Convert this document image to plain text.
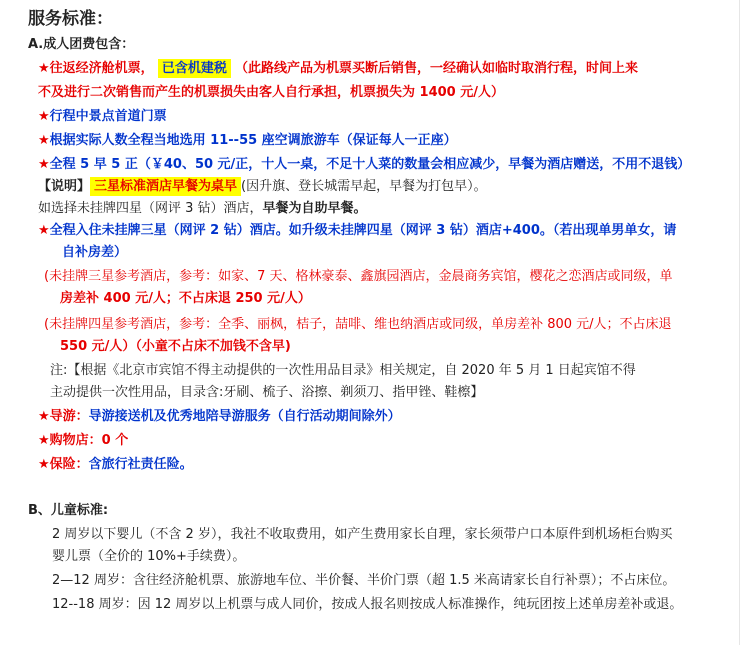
服务标准：
A.成人团费包含：
★往返经济舱机票， 已含机建税 （此路线产品为机票买断后销售，一经确认如临时取消行程，时间上来
不及进行二次销售而产生的机票损失由客人自行承担，机票损失为 1400 元/人）
★行程中景点首道门票
★根据实际人数全程当地选用 11--55 座空调旅游车（保证每人一正座）
★全程 5 早 5 正（￥40、50 元/正，十人一桌，不足十人菜的数量会相应减少，早餐为酒店赠送，不用不退钱）
【说明】 三星标准酒店早餐为桌早 (因升旗、登长城需早起，早餐为打包早）。
如选择未挂牌四星（网评 3 钻）酒店，早餐为自助早餐。
★全程入住未挂牌三星（网评 2 钻）酒店。如升级未挂牌四星（网评 3 钻）酒店+400。（若出现单男单女，请
自补房差）
(未挂牌三星参考酒店，参考：如家、7 天、格林豪泰、鑫旗园酒店，金晨商务宾馆，樱花之恋酒店或同级，单
房差补 400 元/人；不占床退 250 元/人）
(未挂牌四星参考酒店，参考：全季、丽枫，桔子，喆啡、维也纳酒店或同级，单房差补 800 元/人；不占床退
550 元/人）（小童不占床不加钱不含早)
注:【根据《北京市宾馆不得主动提供的一次性用品目录》相关规定，自 2020 年 5 月 1 日起宾馆不得
主动提供一次性用品，目录含:牙刷、梳子、浴擦、剃须刀、指甲锉、鞋檫】
★导游：导游接送机及优秀地陪导游服务（自行活动期间除外）
★购物店：0 个
★保险：含旅行社责任险。
B、儿童标准:
2 周岁以下婴儿（不含 2 岁），我社不收取费用，如产生费用家长自理，家长须带户口本原件到机场柜台购买
婴儿票（全价的 10%+手续费）。
2—12 周岁：含往经济舱机票、旅游地车位、半价餐、半价门票（超 1.5 米高请家长自行补票）；不占床位。
12--18 周岁：因 12 周岁以上机票与成人同价，按成人报名则按成人标准操作，纯玩团按上述单房差补或退。
